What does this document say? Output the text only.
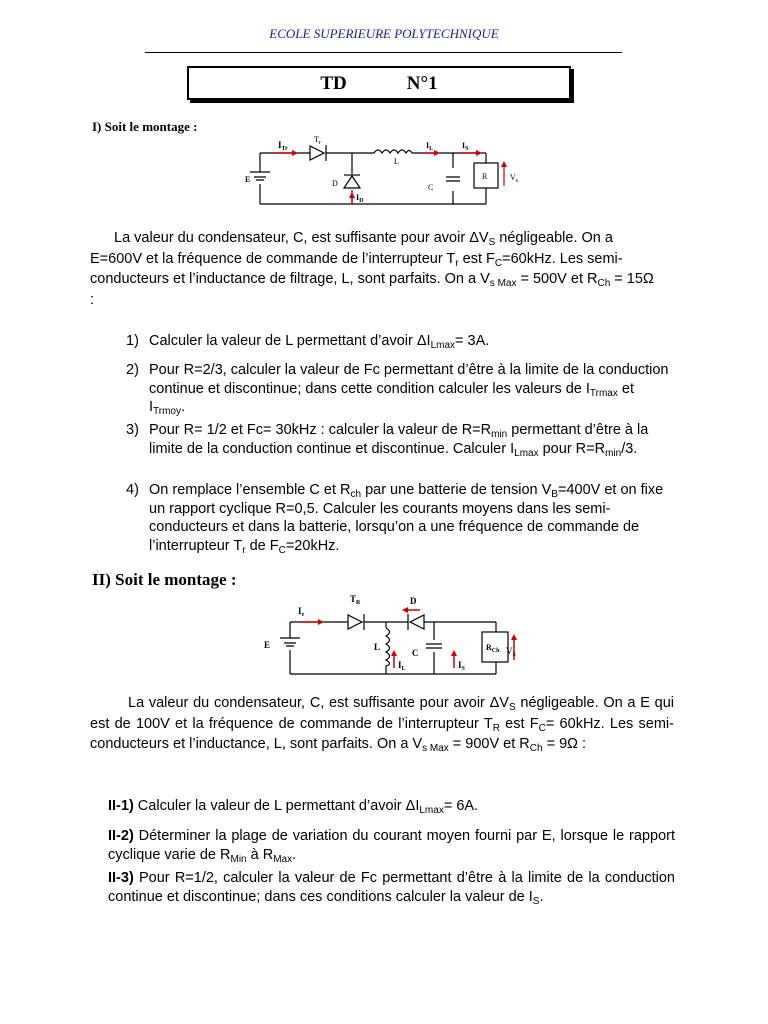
ECOLE SUPERIEURE POLYTECHNIQUE
TD	N°1
I) Soit le montage :
$T_r$
$I_{Tr}$
E
L
D
$I_D$
$I_L$	$I_S$
C
R	$V_s$
La valeur du condensateur, C, est suffisante pour avoir $\Delta V_S$ négligeable. On a E=600V et la fréquence de commande de l’interrupteur $T_r$ est $F_C=60kHz$. Les semi-conducteurs et l’inductance de filtrage, L, sont parfaits. On a $V_{s Max} = 500V$ et $R_{Ch} = 15\Omega$ :
1) Calculer la valeur de L permettant d’avoir $\Delta I_{Lmax}= 3A$.
2) Pour R=2/3, calculer la valeur de Fc permettant d’être à la limite de la conduction continue et discontinue; dans cette condition calculer les valeurs de $I_{Trmax}$ et $I_{Trmoy}$.
3) Pour R= 1/2 et Fc= 30kHz : calculer la valeur de $R=R_{min}$ permettant d’être à la limite de la conduction continue et discontinue. Calculer $I_{Lmax}$ pour $R=R_{min}/3$.
4) On remplace l’ensemble C et $R_{ch}$ par une batterie de tension $V_B=400V$ et on fixe un rapport cyclique R=0,5. Calculer les courants moyens dans les semi-conducteurs et dans la batterie, lorsqu’on a une fréquence de commande de l’interrupteur $T_r$ de $F_C=20kHz$.
II) Soit le montage :
$I_e$
$T_R$	D
E	L
$I_L$
C
$I_S$
$R_{Ch}$ $V_S$
La valeur du condensateur, C, est suffisante pour avoir $\Delta V_S$ négligeable. On a E qui est de 100V et la fréquence de commande de l’interrupteur $T_R$ est $F_C= 60kHz$. Les semi-conducteurs et l’inductance, L, sont parfaits. On a $V_{s Max} = 900V$ et $R_{Ch} = 9\Omega$ :
II-1) Calculer la valeur de L permettant d’avoir $\Delta I_{Lmax}= 6A$.
II-2) Déterminer la plage de variation du courant moyen fourni par E, lorsque le rapport cyclique varie de $R_{Min}$ à $R_{Max}$.
II-3) Pour R=1/2, calculer la valeur de Fc permettant d’être à la limite de la conduction continue et discontinue; dans ces conditions calculer la valeur de $I_S$.
